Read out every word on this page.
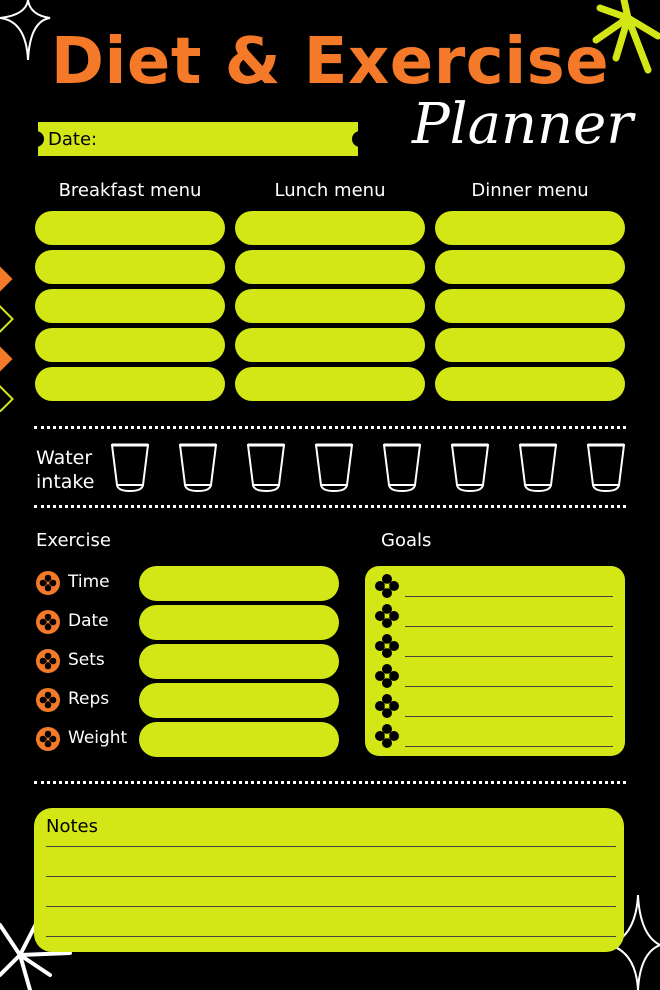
Diet & Exercise
Planner
Date:
Breakfast menu	Lunch menu	Dinner menu
Water
intake
Exercise	Goals
Time
Date
Sets
Reps
Weight
Notes
